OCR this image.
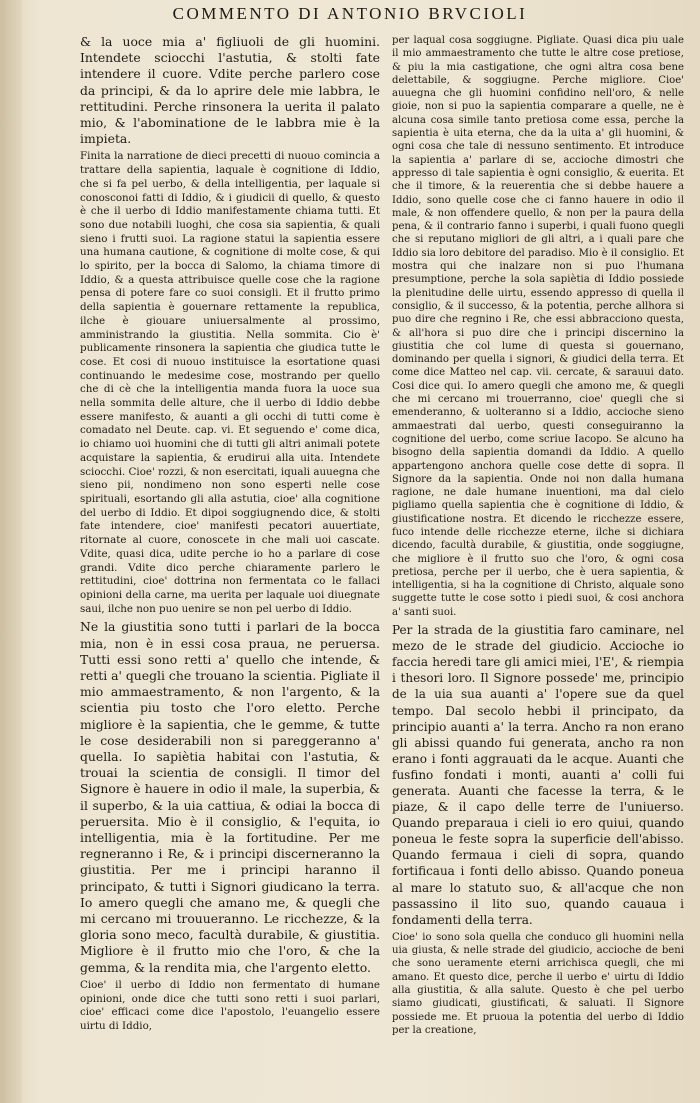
COMMENTO DI ANTONIO BRVCIOLI

& la uoce mia a' figliuoli de gli huomini. Intendete sciocchi l'astutia, & stolti fate intendere il cuore. Vdite perche parlero cose da principi, & da lo aprire dele mie labbra, le rettitudini. Perche rinsonera la uerita il palato mio, & l'abominatione de le labbra mie è la impieta.

Finita la narratione de dieci precetti di nuouo comincia a trattare della sapientia, laquale è cognitione di Iddio, che si fa pel uerbo, & della intelligentia, per laquale si conosconoi fatti di Iddio, & i giudicii di quello, & questo è che il uerbo di Iddio manifestamente chiama tutti. Et sono due notabili luoghi, che cosa sia sapientia, & quali sieno i frutti suoi. La ragione statui la sapientia essere una humana cautione, & cognitione di molte cose, & qui lo spirito, per la bocca di Salomo, la chiama timore di Iddio, & a questa attribuisce quelle cose che la ragione pensa di potere fare co suoi consigli. Et il frutto primo della sapientia è gouernare rettamente la republica, ilche è giouare uniuersalmente al prossimo, amministrando la giustitia. Nella sommita. Cio è' publicamente rinsonera la sapientia che giudica tutte le cose. Et cosi di nuouo instituisce la esortatione quasi continuando le medesime cose, mostrando per quello che di cè che la intelligentia manda fuora la uoce sua nella sommita delle alture, che il uerbo di Iddio debbe essere manifesto, & auanti a gli occhi di tutti come è comadato nel Deute. cap. vi. Et seguendo e' come dica, io chiamo uoi huomini che di tutti gli altri animali potete acquistare la sapientia, & erudirui alla uita. Intendete sciocchi. Cioe' rozzi, & non esercitati, iquali auuegna che sieno pii, nondimeno non sono esperti nelle cose spirituali, esortando gli alla astutia, cioe' alla cognitione del uerbo di Iddio. Et dipoi soggiugnendo dice, & stolti fate intendere, cioe' manifesti pecatori auuertiate, ritornate al cuore, conoscete in che mali uoi cascate. Vdite, quasi dica, udite perche io ho a parlare di cose grandi. Vdite dico perche chiaramente parlero le rettitudini, cioe' dottrina non fermentata co le fallaci opinioni della carne, ma uerita per laquale uoi diuegnate saui, ilche non puo uenire se non pel uerbo di Iddio.

Ne la giustitia sono tutti i parlari de la bocca mia, non è in essi cosa praua, ne peruersa. Tutti essi sono retti a' quello che intende, & retti a' quegli che trouano la scientia. Pigliate il mio ammaestramento, & non l'argento, & la scientia piu tosto che l'oro eletto. Perche migliore è la sapientia, che le gemme, & tutte le cose desiderabili non si pareggeranno a' quella. Io sapiètia habitai con l'astutia, & trouai la scientia de consigli. Il timor del Signore è hauere in odio il male, la superbia, & il superbo, & la uia cattiua, & odiai la bocca di peruersita. Mio è il consiglio, & l'equita, io intelligentia, mia è la fortitudine. Per me regneranno i Re, & i principi discerneranno la giustitia. Per me i principi haranno il principato, & tutti i Signori giudicano la terra. Io amero quegli che amano me, & quegli che mi cercano mi trouueranno. Le ricchezze, & la gloria sono meco, facultà durabile, & giustitia. Migliore è il frutto mio che l'oro, & che la gemma, & la rendita mia, che l'argento eletto.

Cioe' il uerbo di Iddio non fermentato di humane opinioni, onde dice che tutti sono retti i suoi parlari, cioe' efficaci come dice l'apostolo, l'euangelio essere uirtu di Iddio,

per laqual cosa soggiugne. Pigliate. Quasi dica piu uale il mio ammaestramento che tutte le altre cose pretiose, & piu la mia castigatione, che ogni altra cosa bene delettabile, & soggiugne. Perche migliore. Cioe' auuegna che gli huomini confidino nell'oro, & nelle gioie, non si puo la sapientia comparare a quelle, ne è alcuna cosa simile tanto pretiosa come essa, perche la sapientia è uita eterna, che da la uita a' gli huomini, & ogni cosa che tale di nessuno sentimento. Et introduce la sapientia a' parlare di se, accioche dimostri che appresso di tale sapientia è ogni consiglio, & euerita. Et che il timore, & la reuerentia che si debbe hauere a Iddio, sono quelle cose che ci fanno hauere in odio il male, & non offendere quello, & non per la paura della pena, & il contrario fanno i superbi, i quali fuono quegli che si reputano migliori de gli altri, a i quali pare che Iddio sia loro debitore del paradiso. Mio è il consiglio. Et mostra qui che inalzare non si puo l'humana presumptione, perche la sola sapiètia di Iddio possiede la plenitudine delle uirtu, essendo appresso di quella il consiglio, & il successo, & la potentia, perche allhora si puo dire che regnino i Re, che essi abbracciono questa, & all'hora si puo dire che i principi discernino la giustitia che col lume di questa si gouernano, dominando per quella i signori, & giudici della terra. Et come dice Matteo nel cap. vii. cercate, & sarauui dato. Cosi dice qui. Io amero quegli che amono me, & quegli che mi cercano mi trouerranno, cioe' quegli che si emenderanno, & uolteranno si a Iddio, accioche sieno ammaestrati dal uerbo, questi conseguiranno la cognitione del uerbo, come scriue Iacopo. Se alcuno ha bisogno della sapientia domandi da Iddio. A quello appartengono anchora quelle cose dette di sopra. Il Signore da la sapientia. Onde noi non dalla humana ragione, ne dale humane inuentioni, ma dal cielo pigliamo quella sapientia che è cognitione di Iddio, & giustificatione nostra. Et dicendo le ricchezze essere, fuco intende delle ricchezze eterne, ilche si dichiara dicendo, facultà durabile, & giustitia, onde soggiugne, che migliore è il frutto suo che l'oro, & ogni cosa pretiosa, perche per il uerbo, che è uera sapientia, & intelligentia, si ha la cognitione di Christo, alquale sono suggette tutte le cose sotto i piedi suoi, & cosi anchora a' santi suoi.

Per la strada de la giustitia faro caminare, nel mezo de le strade del giudicio. Accioche io faccia heredi tare gli amici miei, l'E', & riempia i thesori loro. Il Signore possede' me, principio de la uia sua auanti a' l'opere sue da quel tempo. Dal secolo hebbi il principato, da principio auanti a' la terra. Ancho ra non erano gli abissi quando fui generata, ancho ra non erano i fonti aggrauati da le acque. Auanti che fusfino fondati i monti, auanti a' colli fui generata. Auanti che facesse la terra, & le piaze, & il capo delle terre de l'uniuerso. Quando preparaua i cieli io ero quiui, quando poneua le feste sopra la superficie dell'abisso. Quando fermaua i cieli di sopra, quando fortificaua i fonti dello abisso. Quando poneua al mare lo statuto suo, & all'acque che non passassino il lito suo, quando cauaua i fondamenti della terra.

Cioe' io sono sola quella che conduco gli huomini nella uia giusta, & nelle strade del giudicio, accioche de beni che sono ueramente eterni arrichisca quegli, che mi amano. Et questo dice, perche il uerbo e' uirtu di Iddio alla giustitia, & alla salute. Questo è che pel uerbo siamo giudicati, giustificati, & saluati. Il Signore possiede me. Et pruoua la potentia del uerbo di Iddio per la creatione,
